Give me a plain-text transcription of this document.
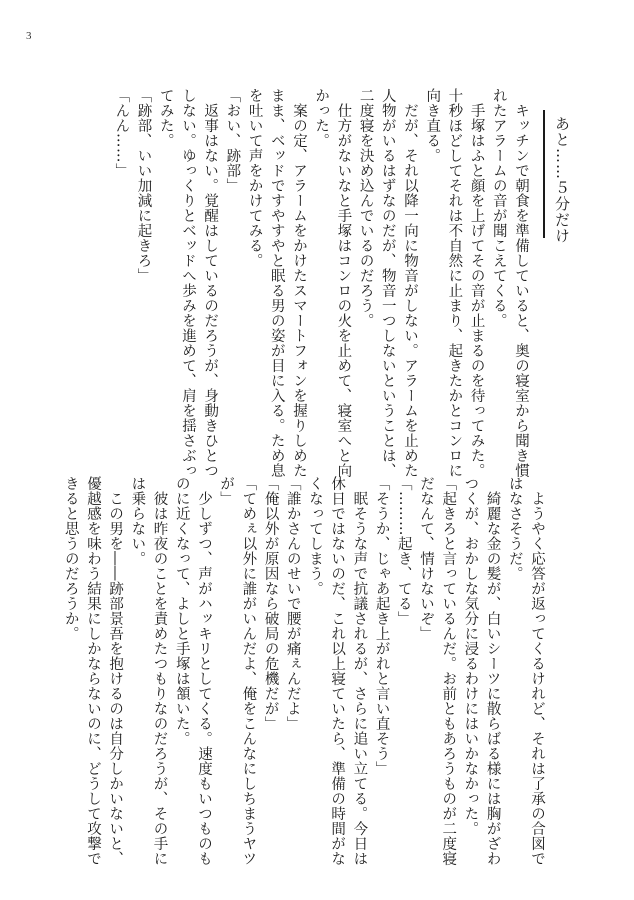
3
あと……５分だけ
　キッチンで朝食を準備していると、奥の寝室から聞き慣
れたアラームの音が聞こえてくる。
　手塚はふと顔を上げてその音が止まるのを待ってみた。
十秒ほどしてそれは不自然に止まり、起きたかとコンロに
向き直る。
　だが、それ以降一向に物音がしない。アラームを止めた
人物がいるはずなのだが、物音一つしないということは、
二度寝を決め込んでいるのだろう。
　仕方がないなと手塚はコンロの火を止めて、寝室へと向
かった。
　案の定、アラームをかけたスマートフォンを握りしめた
まま、ベッドですやすやと眠る男の姿が目に入る。ため息
を吐いて声をかけてみる。
「おい、跡部」
　返事はない。覚醒はしているのだろうが、身動きひとつ
しない。ゆっくりとベッドへ歩みを進めて、肩を揺さぶっ
てみた。
「跡部、いい加減に起きろ」
「んん……」
　ようやく応答が返ってくるけれど、それは了承の合図で
はなさそうだ。
　綺麗な金の髪が、白いシーツに散らばる様には胸がざわ
つくが、おかしな気分に浸るわけにはいかなかった。
「起きろと言っているんだ。お前ともあろうものが二度寝
だなんて、情けないぞ」
「………起き、てる」
「そうか、じゃあ起き上がれと言い直そう」
　眠そうな声で抗議されるが、さらに追い立てる。今日は
休日ではないのだ、これ以上寝ていたら、準備の時間がな
くなってしまう。
「誰かさんのせいで腰が痛ぇんだよ」
「俺以外が原因なら破局の危機だが」
「てめぇ以外に誰がいんだよ、俺をこんなにしちまうヤツ
が」
　少しずつ、声がハッキリとしてくる。速度もいつものも
のに近くなって、よしと手塚は頷いた。
　彼は昨夜のことを責めたつもりなのだろうが、その手に
は乗らない。
　この男を――跡部景吾を抱けるのは自分しかいないと、
優越感を味わう結果にしかならないのに、どうして攻撃で
きると思うのだろうか。
